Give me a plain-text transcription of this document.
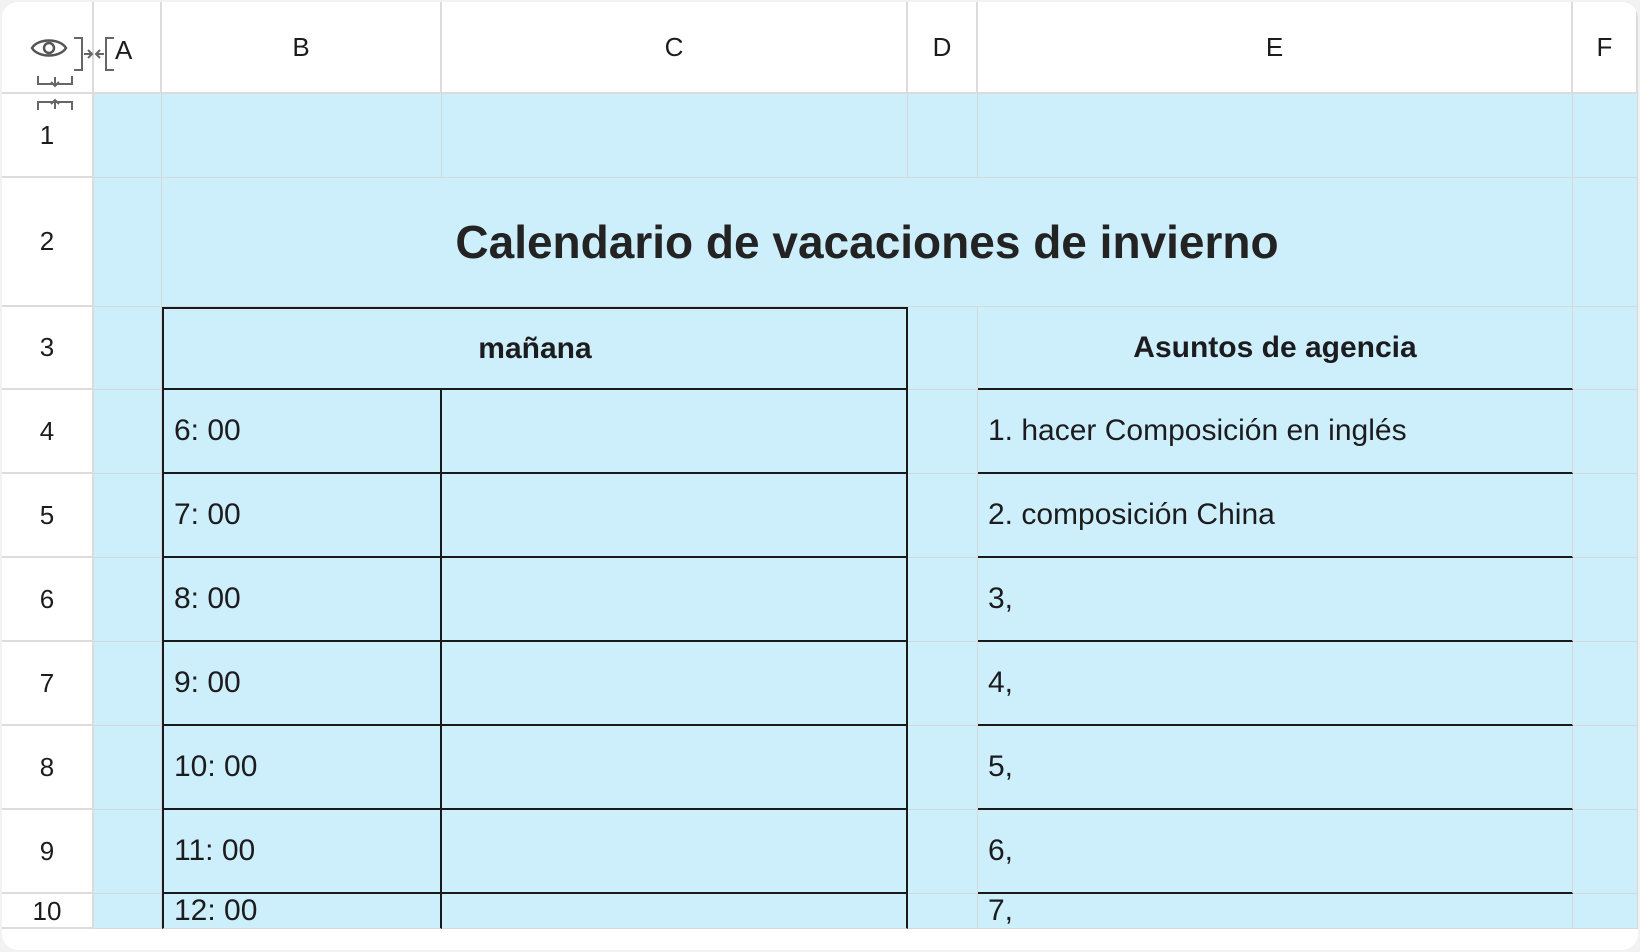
B	C	D	E	F
1
2	Calendario de vacaciones de invierno
3	mañana	Asuntos de agencia
4	6: 00	1. hacer Composición en inglés
5	7: 00	2. composición China
6	8: 00	3,
7	9: 00	4,
8	10: 00	5,
9	11: 00	6,
10	12: 00	7,
A
